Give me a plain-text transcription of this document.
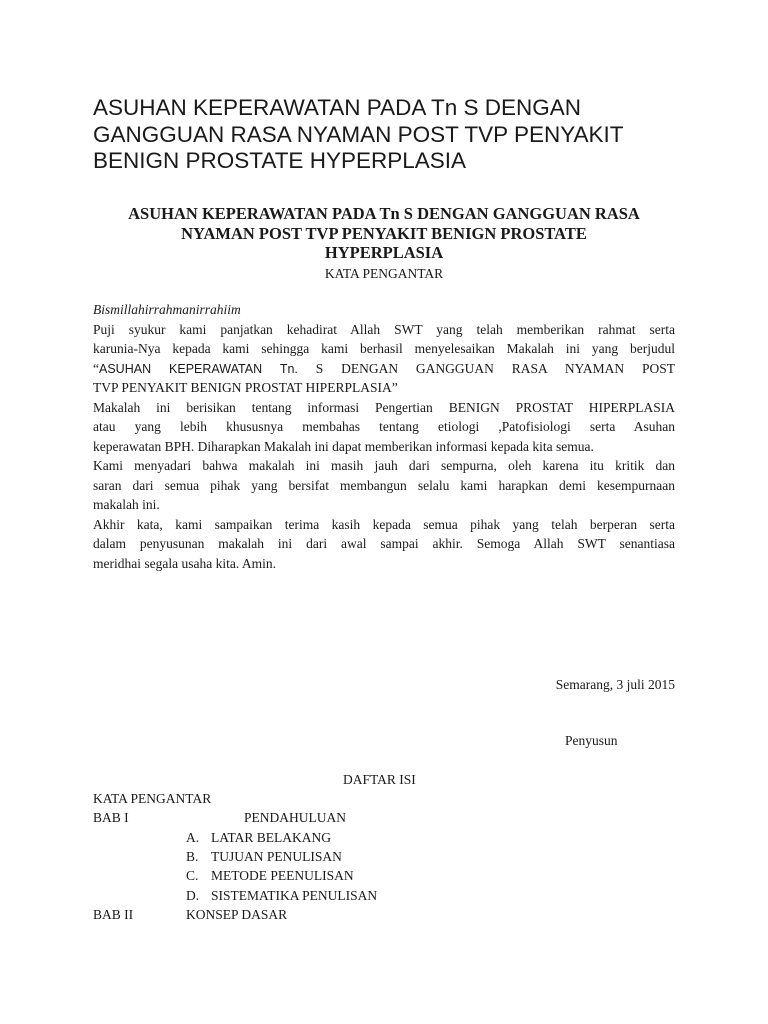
ASUHAN KEPERAWATAN PADA Tn S DENGAN
GANGGUAN RASA NYAMAN POST TVP PENYAKIT
BENIGN PROSTATE HYPERPLASIA
ASUHAN KEPERAWATAN PADA Tn S DENGAN GANGGUAN RASA
NYAMAN POST TVP PENYAKIT BENIGN PROSTATE
HYPERPLASIA
KATA PENGANTAR
Bismillahirrahmanirrahiim
Puji syukur kami panjatkan kehadirat Allah SWT yang telah memberikan rahmat serta
karunia-Nya kepada kami sehingga kami berhasil menyelesaikan Makalah ini yang berjudul
“ASUHAN KEPERAWATAN Tn. S DENGAN GANGGUAN RASA NYAMAN POST
TVP PENYAKIT BENIGN PROSTAT HIPERPLASIA”
Makalah ini berisikan tentang informasi Pengertian BENIGN PROSTAT HIPERPLASIA
atau yang lebih khususnya membahas tentang etiologi ,Patofisiologi serta Asuhan
keperawatan BPH. Diharapkan Makalah ini dapat memberikan informasi kepada kita semua.
Kami menyadari bahwa makalah ini masih jauh dari sempurna, oleh karena itu kritik dan
saran dari semua pihak yang bersifat membangun selalu kami harapkan demi kesempurnaan
makalah ini.
Akhir kata, kami sampaikan terima kasih kepada semua pihak yang telah berperan serta
dalam penyusunan makalah ini dari awal sampai akhir. Semoga Allah SWT senantiasa
meridhai segala usaha kita. Amin.
Semarang, 3 juli 2015
Penyusun
DAFTAR ISI
KATA PENGANTAR
BAB I	PENDAHULUAN
A. LATAR BELAKANG
B. TUJUAN PENULISAN
C. METODE PEENULISAN
D. SISTEMATIKA PENULISAN
BAB II	KONSEP DASAR
